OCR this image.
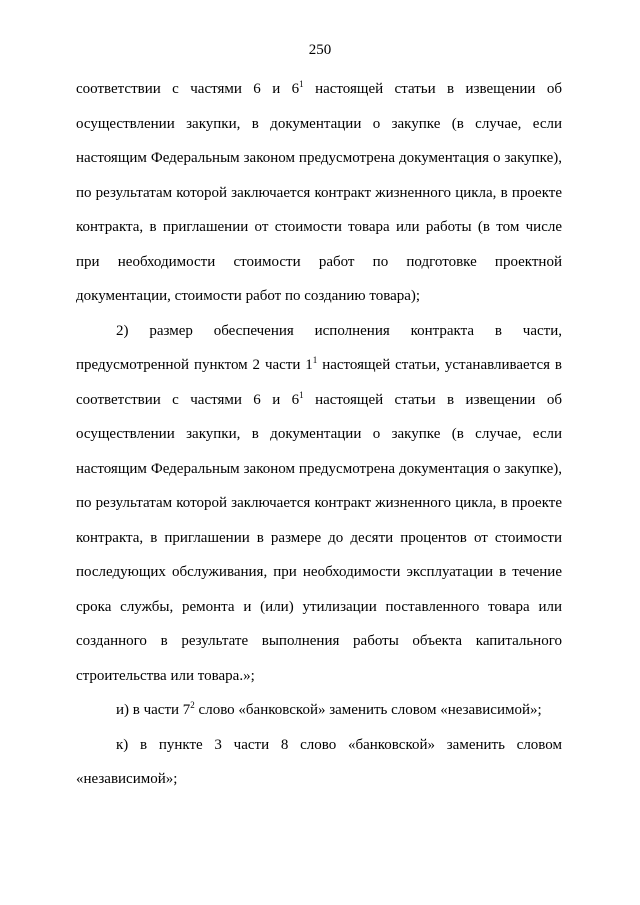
250

соответствии с частями 6 и $6^1$ настоящей статьи в извещении об осуществлении закупки, в документации о закупке (в случае, если настоящим Федеральным законом предусмотрена документация о закупке), по результатам которой заключается контракт жизненного цикла, в проекте контракта, в приглашении от стоимости товара или работы (в том числе при необходимости стоимости работ по подготовке проектной документации, стоимости работ по созданию товара);

2) размер обеспечения исполнения контракта в части, предусмотренной пунктом 2 части $1^1$ настоящей статьи, устанавливается в соответствии с частями 6 и $6^1$ настоящей статьи в извещении об осуществлении закупки, в документации о закупке (в случае, если настоящим Федеральным законом предусмотрена документация о закупке), по результатам которой заключается контракт жизненного цикла, в проекте контракта, в приглашении в размере до десяти процентов от стоимости последующих обслуживания, при необходимости эксплуатации в течение срока службы, ремонта и (или) утилизации поставленного товара или созданного в результате выполнения работы объекта капитального строительства или товара.»;

и) в части $7^2$ слово «банковской» заменить словом «независимой»;

к) в пункте 3 части 8 слово «банковской» заменить словом «независимой»;
